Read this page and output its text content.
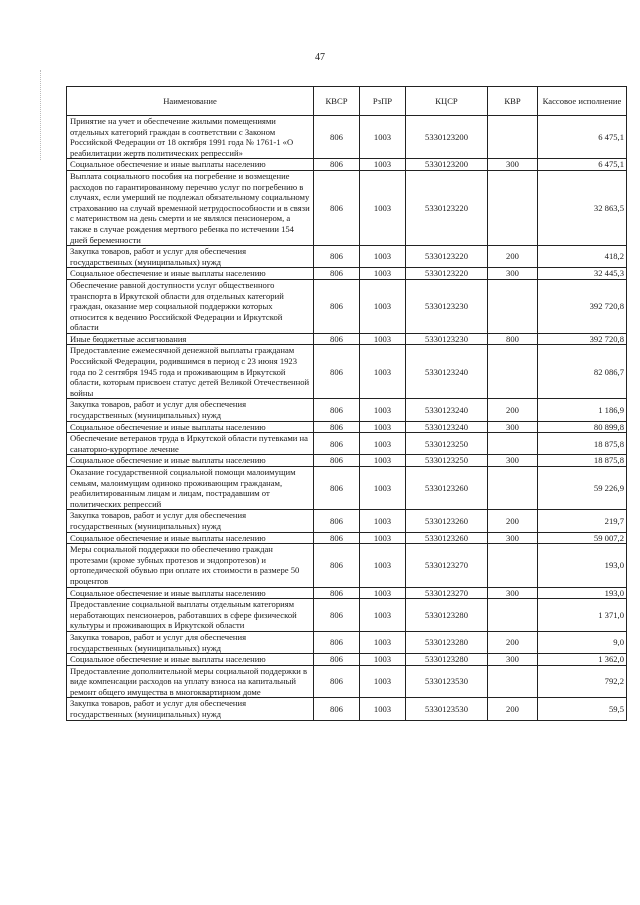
47
Наименование	КВСР	РзПР	КЦСР	КВР	Кассовое исполнение
Принятие на учет и обеспечение жилыми помещениями отдельных категорий граждан в соответствии с Законом Российской Федерации от 18 октября 1991 года № 1761-1 «О реабилитации жертв политических репрессий»	806	1003	5330123200		6 475,1
Социальное обеспечение и иные выплаты населению	806	1003	5330123200	300	6 475,1
Выплата социального пособия на погребение и возмещение расходов по гарантированному перечню услуг по погребению в случаях, если умерший не подлежал обязательному социальному страхованию на случай временной нетрудоспособности и в связи с материнством на день смерти и не являлся пенсионером, а также в случае рождения мертвого ребенка по истечении 154 дней беременности	806	1003	5330123220		32 863,5
Закупка товаров, работ и услуг для обеспечения государственных (муниципальных) нужд	806	1003	5330123220	200	418,2
Социальное обеспечение и иные выплаты населению	806	1003	5330123220	300	32 445,3
Обеспечение равной доступности услуг общественного транспорта в Иркутской области для отдельных категорий граждан, оказание мер социальной поддержки которых относится к ведению Российской Федерации и Иркутской области	806	1003	5330123230		392 720,8
Иные бюджетные ассигнования	806	1003	5330123230	800	392 720,8
Предоставление ежемесячной денежной выплаты гражданам Российской Федерации, родившимся в период с 23 июня 1923 года по 2 сентября 1945 года и проживающим в Иркутской области, которым присвоен статус детей Великой Отечественной войны	806	1003	5330123240		82 086,7
Закупка товаров, работ и услуг для обеспечения государственных (муниципальных) нужд	806	1003	5330123240	200	1 186,9
Социальное обеспечение и иные выплаты населению	806	1003	5330123240	300	80 899,8
Обеспечение ветеранов труда в Иркутской области путевками на санаторно-курортное лечение	806	1003	5330123250		18 875,8
Социальное обеспечение и иные выплаты населению	806	1003	5330123250	300	18 875,8
Оказание государственной социальной помощи малоимущим семьям, малоимущим одиноко проживающим гражданам, реабилитированным лицам и лицам, пострадавшим от политических репрессий	806	1003	5330123260		59 226,9
Закупка товаров, работ и услуг для обеспечения государственных (муниципальных) нужд	806	1003	5330123260	200	219,7
Социальное обеспечение и иные выплаты населению	806	1003	5330123260	300	59 007,2
Меры социальной поддержки по обеспечению граждан протезами (кроме зубных протезов и эндопротезов) и ортопедической обувью при оплате их стоимости в размере 50 процентов	806	1003	5330123270		193,0
Социальное обеспечение и иные выплаты населению	806	1003	5330123270	300	193,0
Предоставление социальной выплаты отдельным категориям неработающих пенсионеров, работавших в сфере физической культуры и проживающих в Иркутской области	806	1003	5330123280		1 371,0
Закупка товаров, работ и услуг для обеспечения государственных (муниципальных) нужд	806	1003	5330123280	200	9,0
Социальное обеспечение и иные выплаты населению	806	1003	5330123280	300	1 362,0
Предоставление дополнительной меры социальной поддержки в виде компенсации расходов на уплату взноса на капитальный ремонт общего имущества в многоквартирном доме	806	1003	5330123530		792,2
Закупка товаров, работ и услуг для обеспечения государственных (муниципальных) нужд	806	1003	5330123530	200	59,5
